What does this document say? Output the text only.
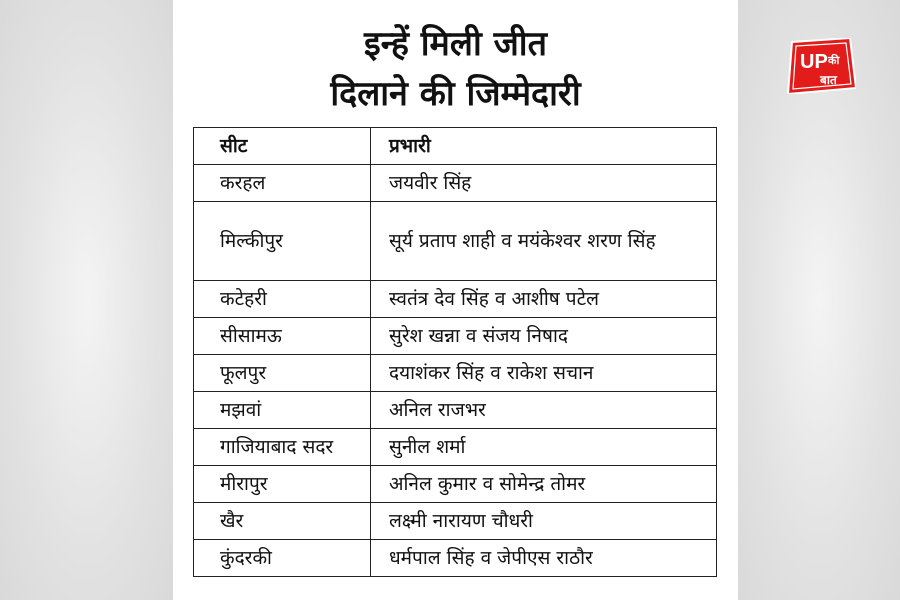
इन्हें मिली जीत
दिलाने की जिम्मेदारी
सीट	प्रभारी
करहल	जयवीर सिंह
मिल्कीपुर	सूर्य प्रताप शाही व मयंकेश्वर शरण सिंह
कटेहरी	स्वतंत्र देव सिंह व आशीष पटेल
सीसामऊ	सुरेश खन्ना व संजय निषाद
फूलपुर	दयाशंकर सिंह व राकेश सचान
मझवां	अनिल राजभर
गाजियाबाद सदर	सुनील शर्मा
मीरापुर	अनिल कुमार व सोमेन्द्र तोमर
खैर	लक्ष्मी नारायण चौधरी
कुंदरकी	धर्मपाल सिंह व जेपीएस राठौर
UP की
बात
